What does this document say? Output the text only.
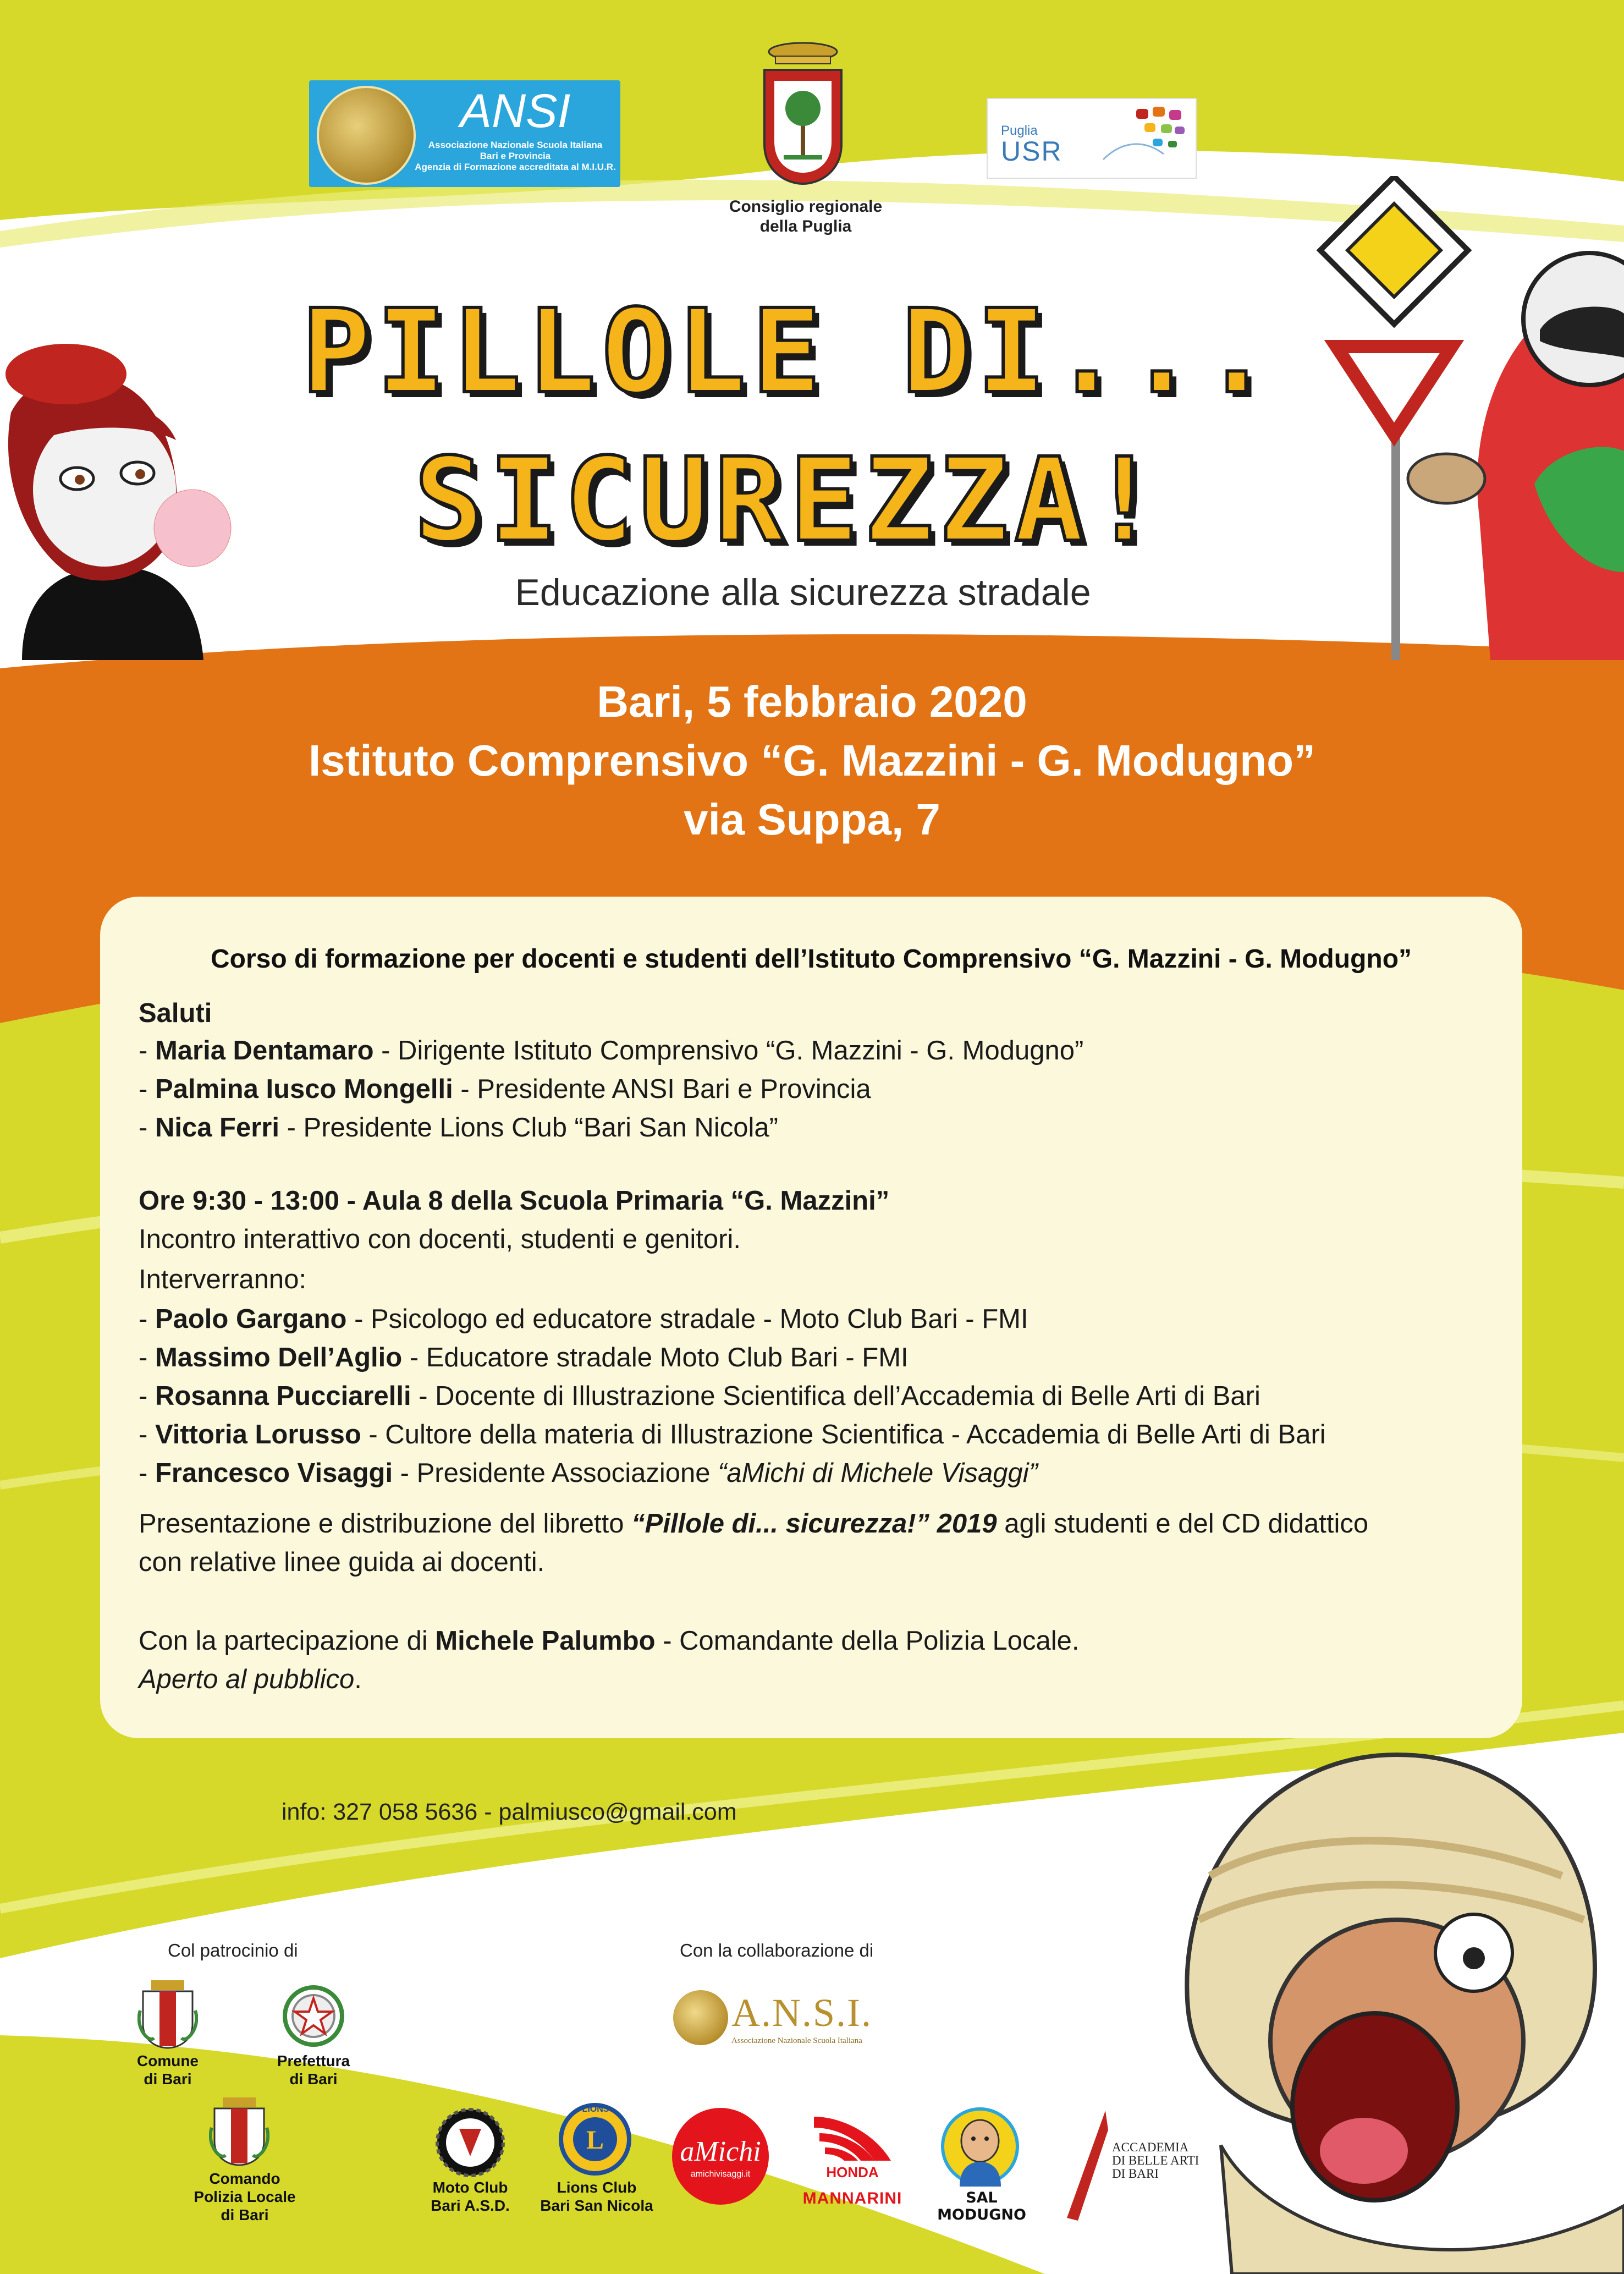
ANSI
Associazione Nazionale Scuola Italiana
Bari e Provincia
Agenzia di Formazione accreditata al M.I.U.R.
Consiglio regionale
della Puglia
Puglia
USR
PILLOLE DI...
SICUREZZA!
Educazione alla sicurezza stradale
Bari, 5 febbraio 2020
Istituto Comprensivo “G. Mazzini - G. Modugno”
via Suppa, 7
Corso di formazione per docenti e studenti dell’Istituto Comprensivo “G. Mazzini - G. Modugno”
Saluti
- Maria Dentamaro - Dirigente Istituto Comprensivo “G. Mazzini - G. Modugno”
- Palmina Iusco Mongelli - Presidente ANSI Bari e Provincia
- Nica Ferri - Presidente Lions Club “Bari San Nicola”
Ore 9:30 - 13:00 - Aula 8 della Scuola Primaria “G. Mazzini”
Incontro interattivo con docenti, studenti e genitori.
Interverranno:
- Paolo Gargano - Psicologo ed educatore stradale - Moto Club Bari - FMI
- Massimo Dell’Aglio - Educatore stradale Moto Club Bari - FMI
- Rosanna Pucciarelli - Docente di Illustrazione Scientifica dell’Accademia di Belle Arti di Bari
- Vittoria Lorusso - Cultore della materia di Illustrazione Scientifica - Accademia di Belle Arti di Bari
- Francesco Visaggi - Presidente Associazione “aMichi di Michele Visaggi”
Presentazione e distribuzione del libretto “Pillole di... sicurezza!” 2019 agli studenti e del CD didattico
con relative linee guida ai docenti.
Con la partecipazione di Michele Palumbo - Comandante della Polizia Locale.
Aperto al pubblico.
info: 327 058 5636 - palmiusco@gmail.com
Col patrocinio di	Con la collaborazione di
Comune
di Bari
Prefettura
di Bari
Comando
Polizia Locale
di Bari
A.N.S.I.
Associazione Nazionale Scuola Italiana
Moto Club
Bari A.S.D.
L
LIONS
Lions Club
Bari San Nicola
aMichi
amichivisaggi.it	HONDA
MANNARINI	SAL MODUGNO
ACCADEMIA
DI BELLE ARTI
DI BARI
